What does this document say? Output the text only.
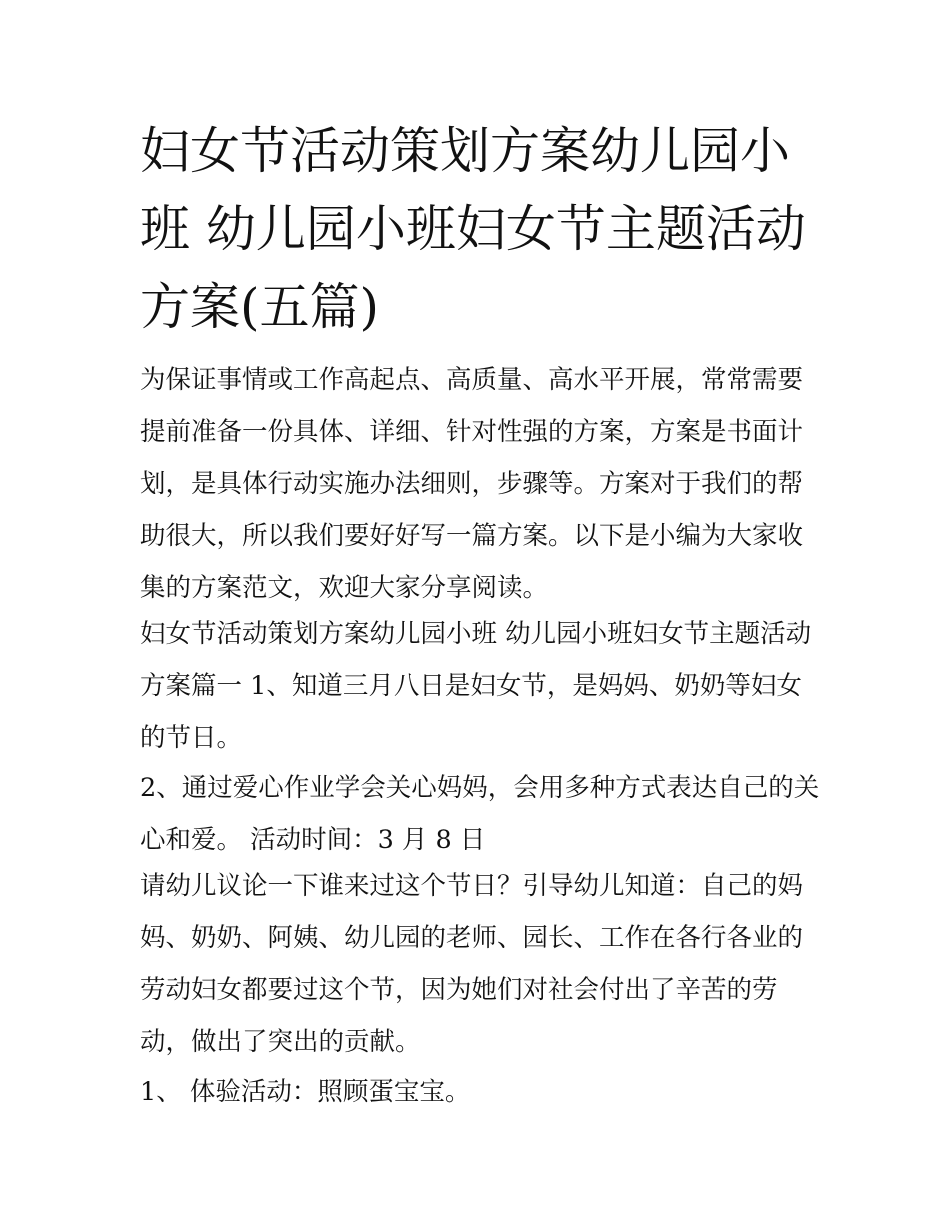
妇女节活动策划方案幼儿园小班 幼儿园小班妇女节主题活动方案(五篇)

为保证事情或工作高起点、高质量、高水平开展，常常需要提前准备一份具体、详细、针对性强的方案，方案是书面计划，是具体行动实施办法细则，步骤等。方案对于我们的帮助很大，所以我们要好好写一篇方案。以下是小编为大家收集的方案范文，欢迎大家分享阅读。

妇女节活动策划方案幼儿园小班 幼儿园小班妇女节主题活动方案篇一 1、知道三月八日是妇女节，是妈妈、奶奶等妇女的节日。

2、通过爱心作业学会关心妈妈，会用多种方式表达自己的关心和爱。 活动时间：3 月 8 日

请幼儿议论一下谁来过这个节日？引导幼儿知道：自己的妈妈、奶奶、阿姨、幼儿园的老师、园长、工作在各行各业的劳动妇女都要过这个节，因为她们对社会付出了辛苦的劳动，做出了突出的贡献。

1、 体验活动：照顾蛋宝宝。
